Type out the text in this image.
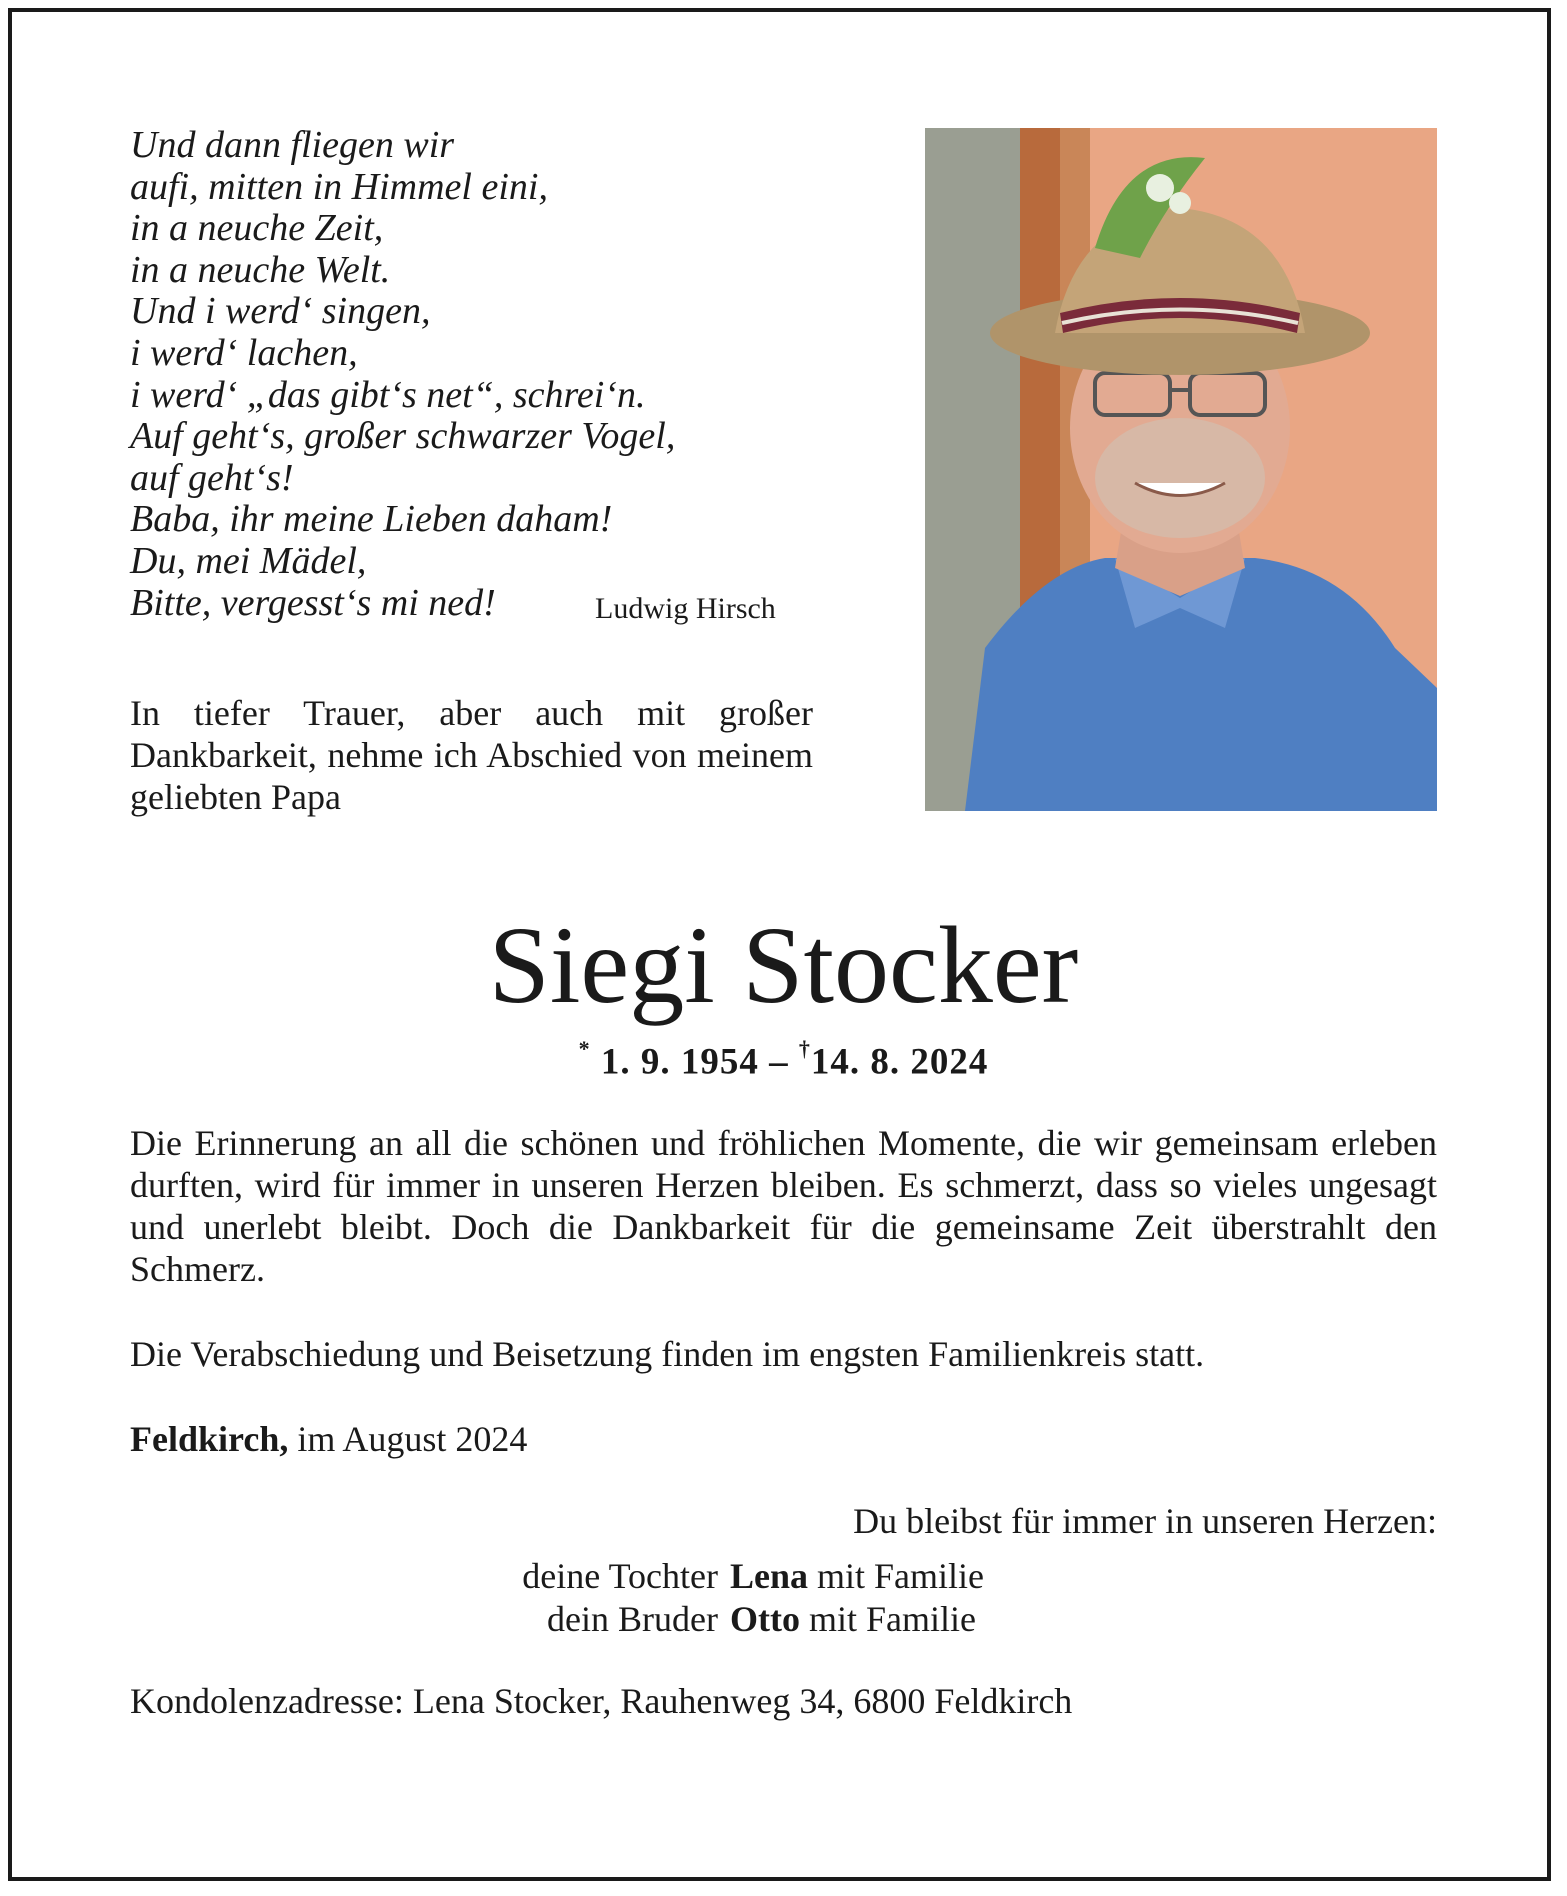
Und dann fliegen wir
aufi, mitten in Himmel eini,
in a neuche Zeit,
in a neuche Welt.
Und i werd‘ singen,
i werd‘ lachen,
i werd‘ „das gibt‘s net“, schrei‘n.
Auf geht‘s, großer schwarzer Vogel,
auf geht‘s!
Baba, ihr meine Lieben daham!
Du, mei Mädel,
Bitte, vergesst‘s mi ned!	Ludwig Hirsch
In tiefer Trauer, aber auch mit großer Dankbarkeit, nehme ich Abschied von meinem geliebten Papa
Siegi Stocker
* 1. 9. 1954 – †14. 8. 2024
Die Erinnerung an all die schönen und fröhlichen Momente, die wir gemeinsam erleben durften, wird für immer in unseren Herzen bleiben. Es schmerzt, dass so vieles ungesagt und unerlebt bleibt. Doch die Dankbarkeit für die gemeinsame Zeit überstrahlt den Schmerz.
Die Verabschiedung und Beisetzung finden im engsten Familienkreis statt.
Feldkirch, im August 2024
Du bleibst für immer in unseren Herzen:
deine Tochter Lena mit Familie
dein Bruder Otto mit Familie
Kondolenzadresse: Lena Stocker, Rauhenweg 34, 6800 Feldkirch
